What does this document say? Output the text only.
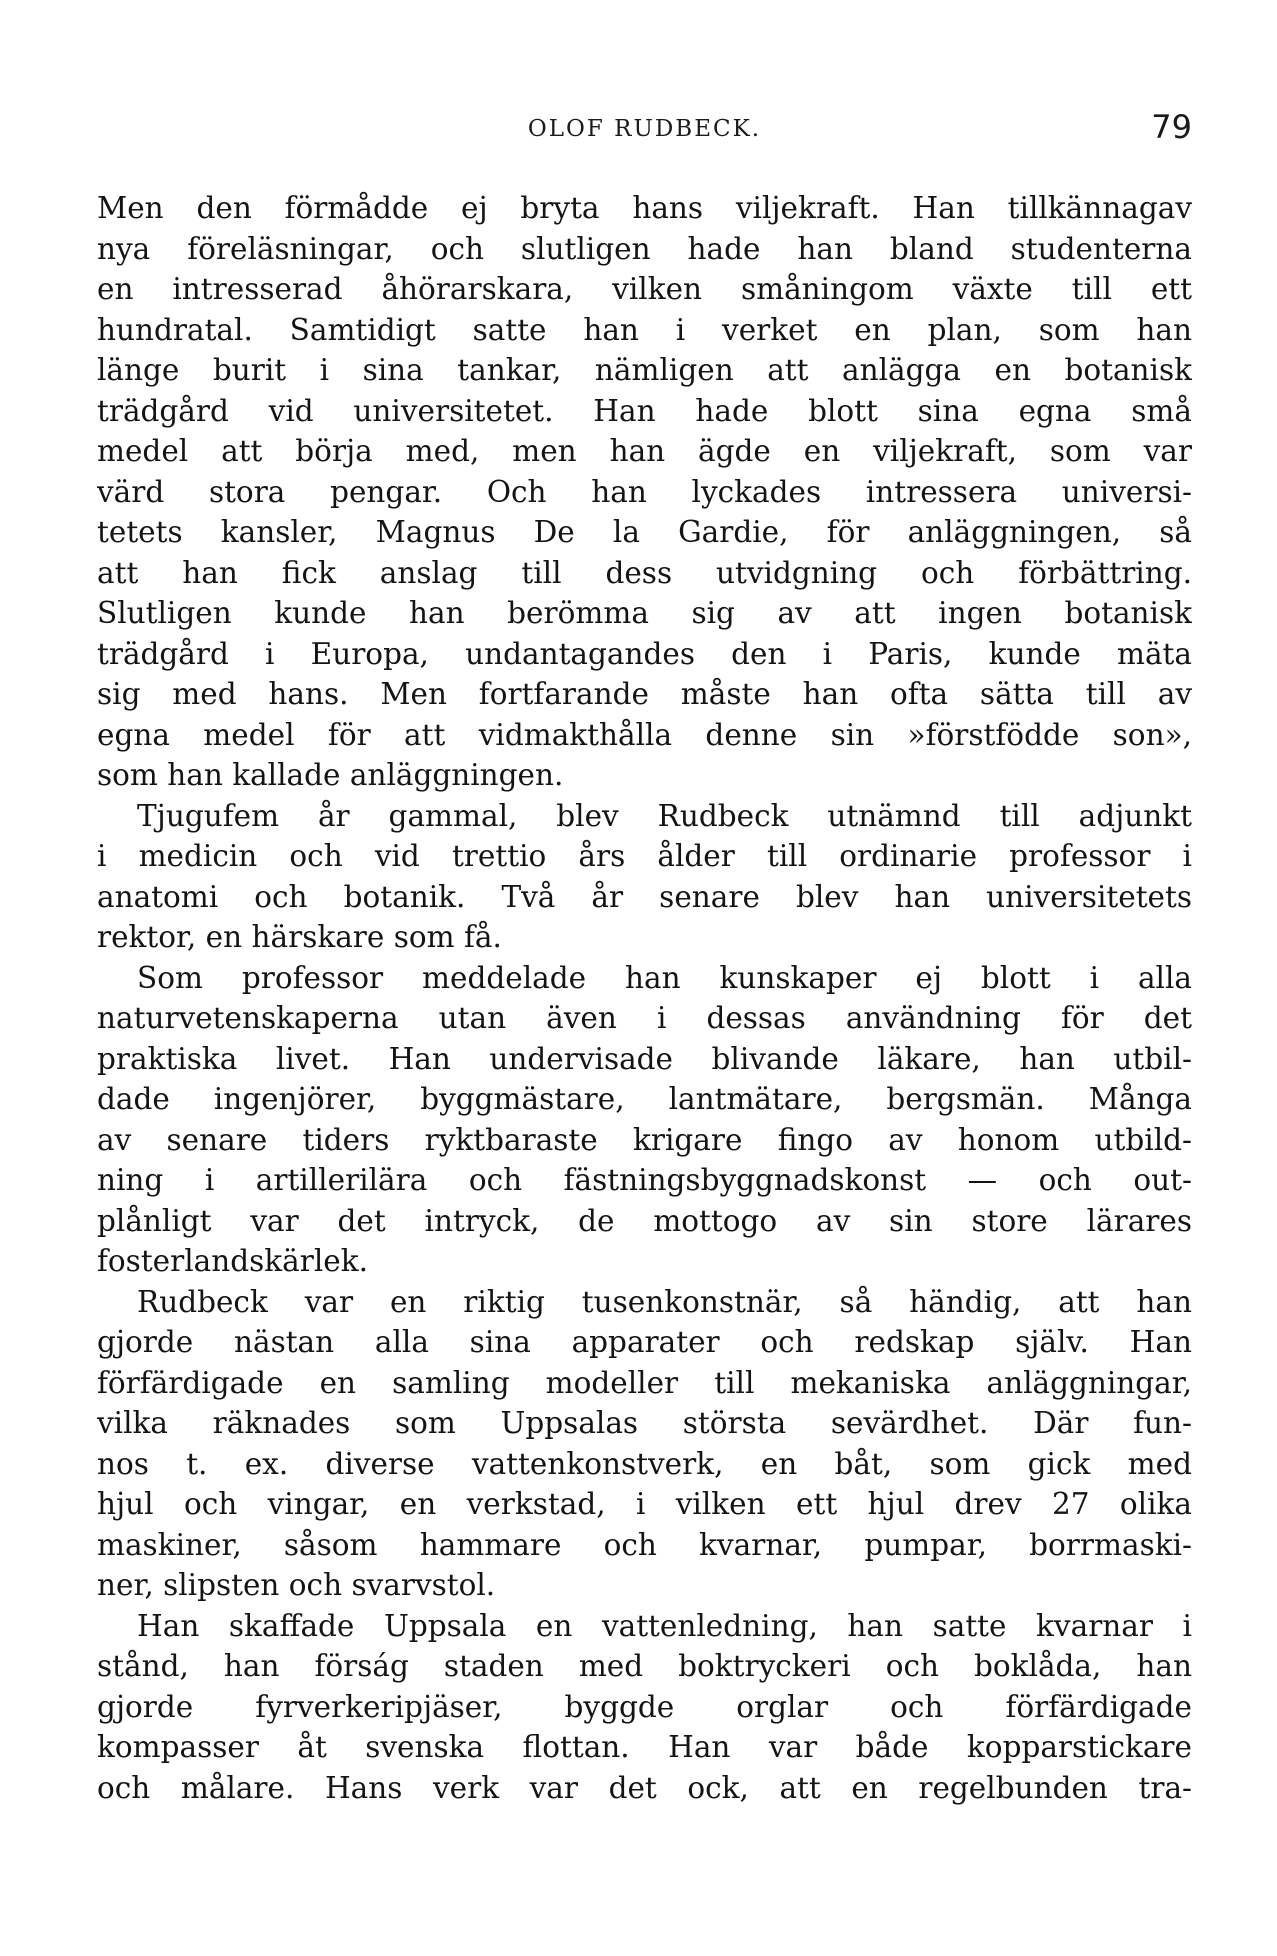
OLOF RUDBECK.	79
Men den förmådde ej bryta hans viljekraft. Han tillkännagav
nya föreläsningar, och slutligen hade han bland studenterna
en intresserad åhörarskara, vilken småningom växte till ett
hundratal. Samtidigt satte han i verket en plan, som han
länge burit i sina tankar, nämligen att anlägga en botanisk
trädgård vid universitetet. Han hade blott sina egna små
medel att börja med, men han ägde en viljekraft, som var
värd stora pengar. Och han lyckades intressera universi-
tetets kansler, Magnus De la Gardie, för anläggningen, så
att han fick anslag till dess utvidgning och förbättring.
Slutligen kunde han berömma sig av att ingen botanisk
trädgård i Europa, undantagandes den i Paris, kunde mäta
sig med hans. Men fortfarande måste han ofta sätta till av
egna medel för att vidmakthålla denne sin »förstfödde son»,
som han kallade anläggningen.
Tjugufem år gammal, blev Rudbeck utnämnd till adjunkt
i medicin och vid trettio års ålder till ordinarie professor i
anatomi och botanik. Två år senare blev han universitetets
rektor, en härskare som få.
Som professor meddelade han kunskaper ej blott i alla
naturvetenskaperna utan även i dessas användning för det
praktiska livet. Han undervisade blivande läkare, han utbil-
dade ingenjörer, byggmästare, lantmätare, bergsmän. Många
av senare tiders ryktbaraste krigare fingo av honom utbild-
ning i artillerilära och fästningsbyggnadskonst — och out-
plånligt var det intryck, de mottogo av sin store lärares
fosterlandskärlek.
Rudbeck var en riktig tusenkonstnär, så händig, att han
gjorde nästan alla sina apparater och redskap själv. Han
förfärdigade en samling modeller till mekaniska anläggningar,
vilka räknades som Uppsalas största sevärdhet. Där fun-
nos t. ex. diverse vattenkonstverk, en båt, som gick med
hjul och vingar, en verkstad, i vilken ett hjul drev 27 olika
maskiner, såsom hammare och kvarnar, pumpar, borrmaski-
ner, slipsten och svarvstol.
Han skaffade Uppsala en vattenledning, han satte kvarnar i
stånd, han förság staden med boktryckeri och boklåda, han
gjorde fyrverkeripjäser, byggde orglar och förfärdigade
kompasser åt svenska flottan. Han var både kopparstickare
och målare. Hans verk var det ock, att en regelbunden tra-
